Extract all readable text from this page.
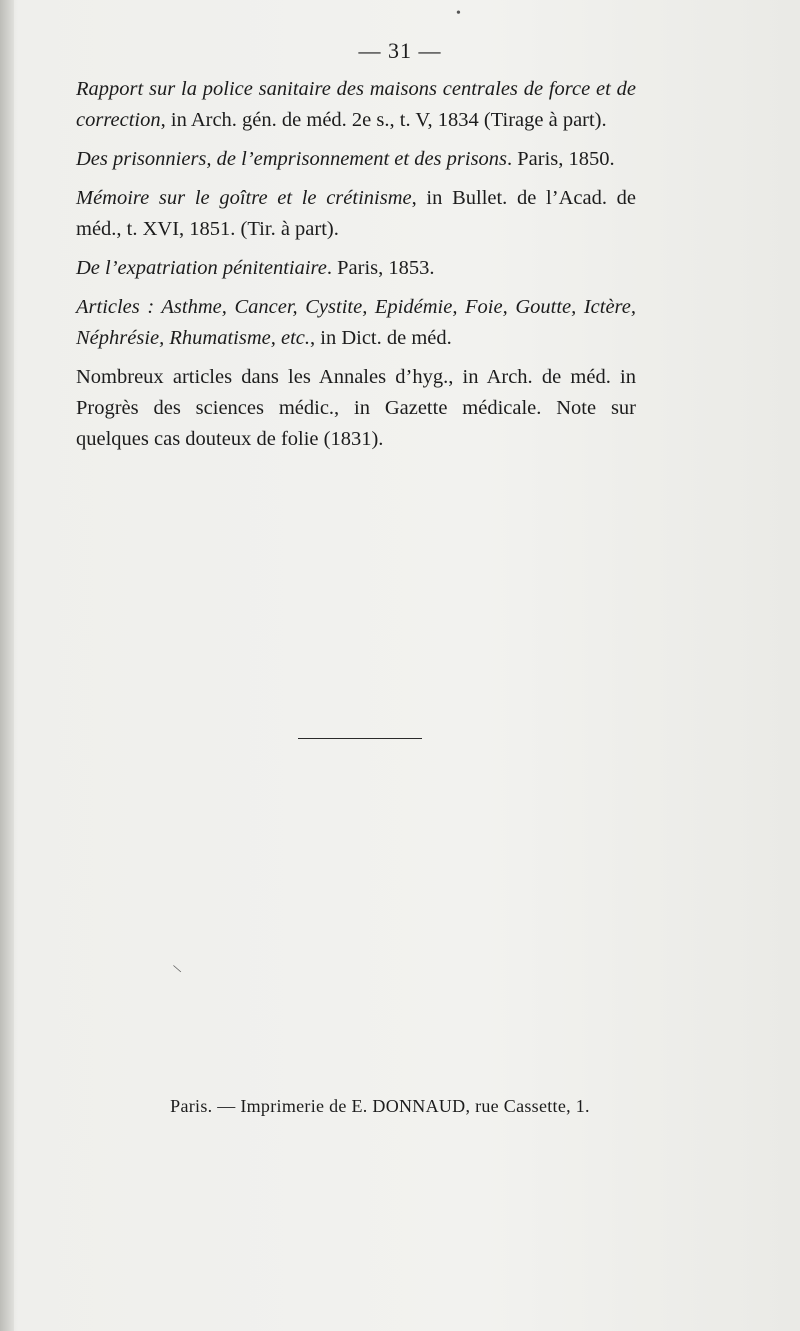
— 31 —

Rapport sur la police sanitaire des maisons centrales de force et de correction, in Arch. gén. de méd. 2e s., t. V, 1834 (Tirage à part).

Des prisonniers, de l’emprisonnement et des prisons. Paris, 1850.

Mémoire sur le goître et le crétinisme, in Bullet. de l’Acad. de méd., t. XVI, 1851. (Tir. à part).

De l’expatriation pénitentiaire. Paris, 1853.

Articles : Asthme, Cancer, Cystite, Epidémie, Foie, Goutte, Ictère, Néphrésie, Rhumatisme, etc., in Dict. de méd.

Nombreux articles dans les Annales d’hyg., in Arch. de méd. in Progrès des sciences médic., in Gazette médicale. Note sur quelques cas douteux de folie (1831).

Paris. — Imprimerie de E. DONNAUD, rue Cassette, 1.
•
\
